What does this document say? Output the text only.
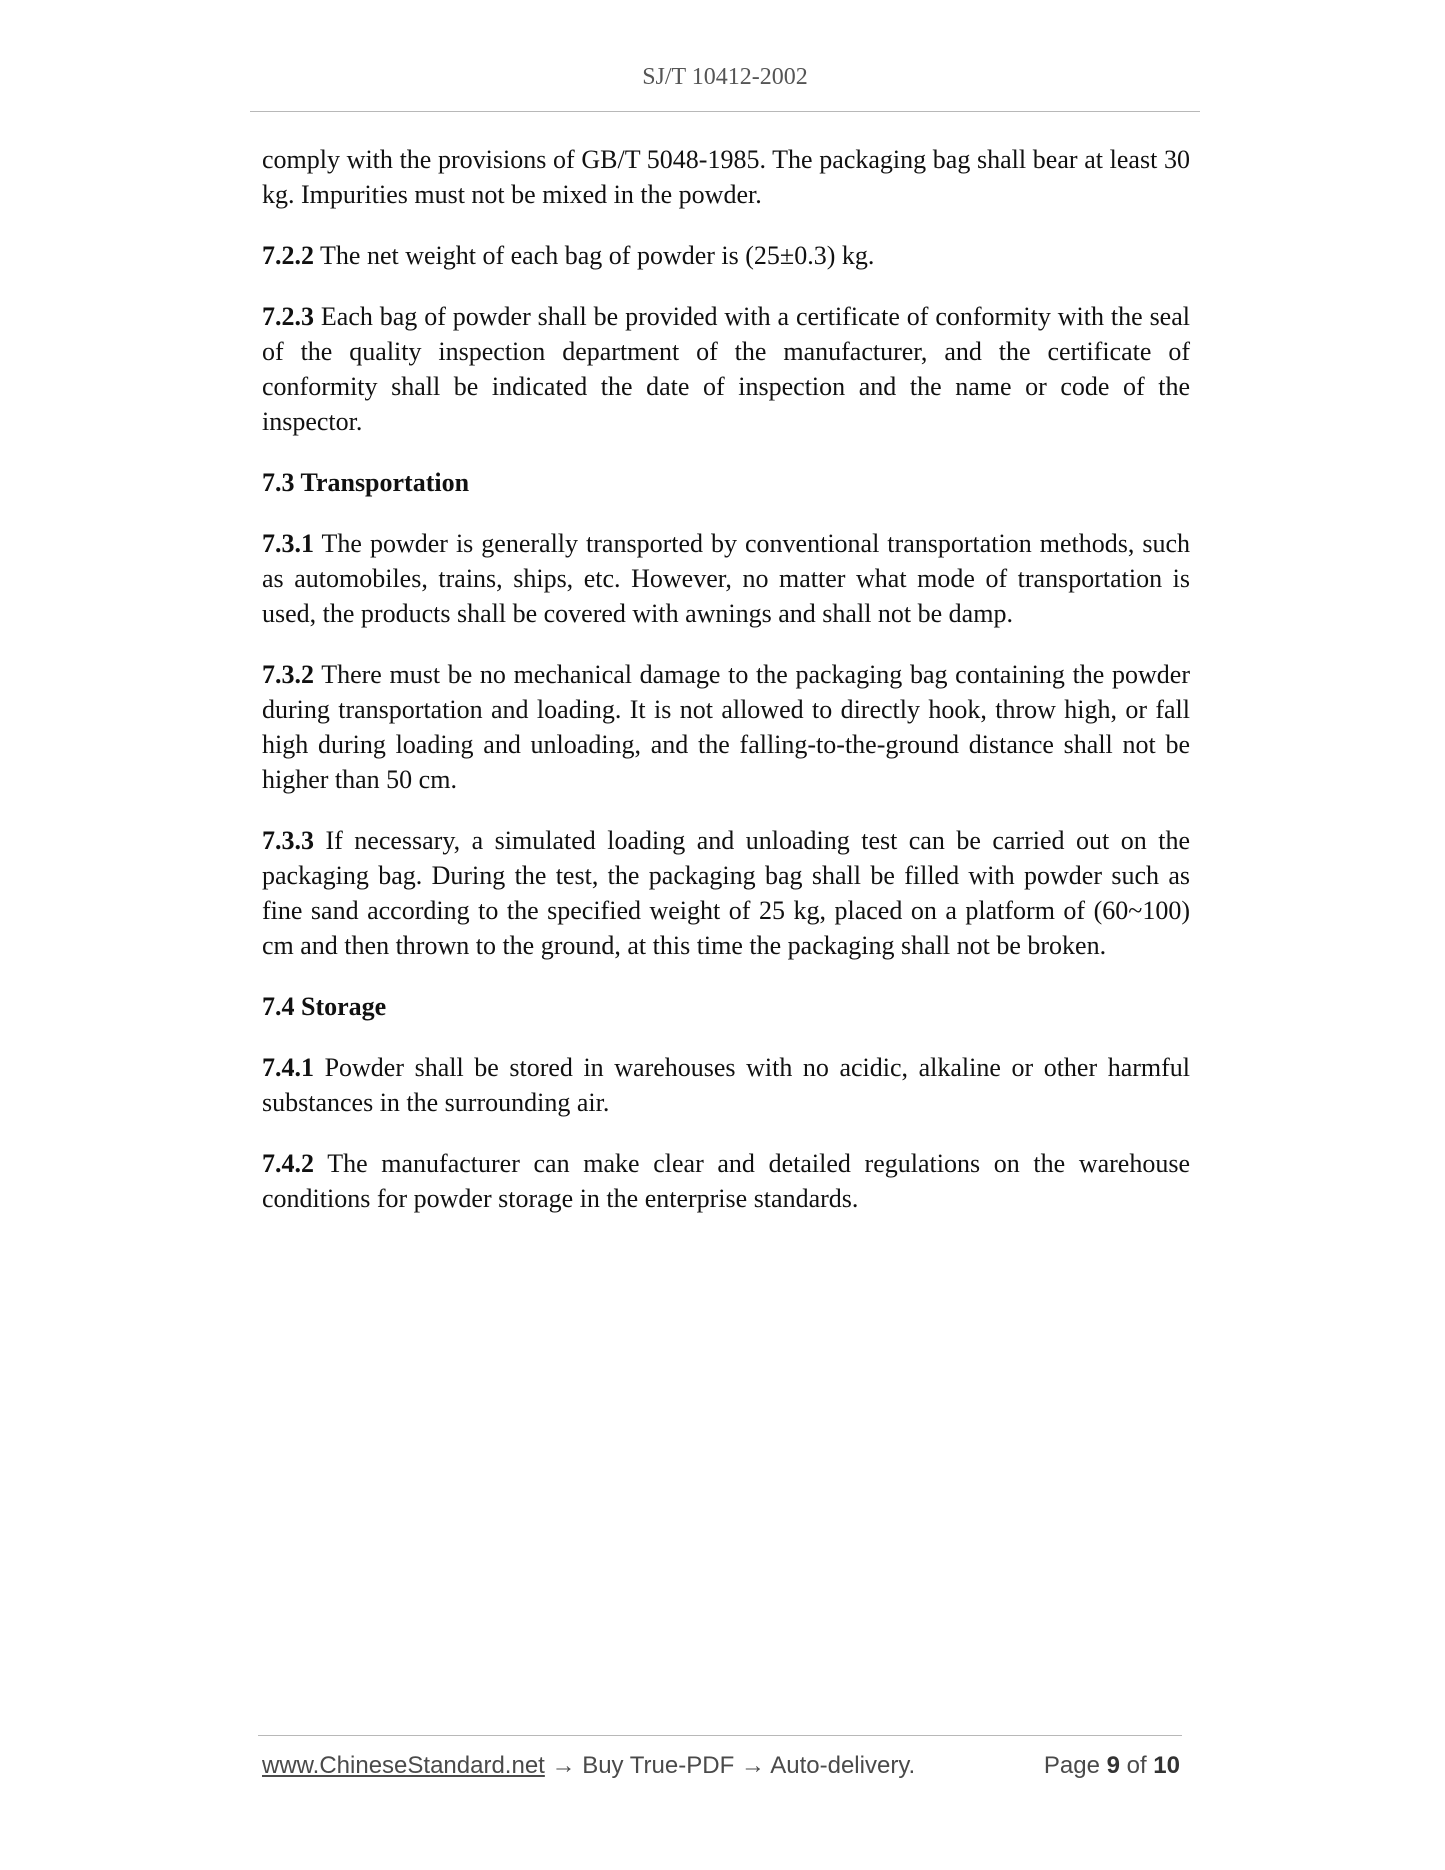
SJ/T 10412-2002

comply with the provisions of GB/T 5048-1985. The packaging bag shall bear at least 30 kg. Impurities must not be mixed in the powder.

7.2.2 The net weight of each bag of powder is (25±0.3) kg.

7.2.3 Each bag of powder shall be provided with a certificate of conformity with the seal of the quality inspection department of the manufacturer, and the certificate of conformity shall be indicated the date of inspection and the name or code of the inspector.

7.3 Transportation

7.3.1 The powder is generally transported by conventional transportation methods, such as automobiles, trains, ships, etc. However, no matter what mode of transportation is used, the products shall be covered with awnings and shall not be damp.

7.3.2 There must be no mechanical damage to the packaging bag containing the powder during transportation and loading. It is not allowed to directly hook, throw high, or fall high during loading and unloading, and the falling-to-the-ground distance shall not be higher than 50 cm.

7.3.3 If necessary, a simulated loading and unloading test can be carried out on the packaging bag. During the test, the packaging bag shall be filled with powder such as fine sand according to the specified weight of 25 kg, placed on a platform of (60~100) cm and then thrown to the ground, at this time the packaging shall not be broken.

7.4 Storage

7.4.1 Powder shall be stored in warehouses with no acidic, alkaline or other harmful substances in the surrounding air.

7.4.2 The manufacturer can make clear and detailed regulations on the warehouse conditions for powder storage in the enterprise standards.

www.ChineseStandard.net → Buy True-PDF → Auto-delivery.	Page 9 of 10
